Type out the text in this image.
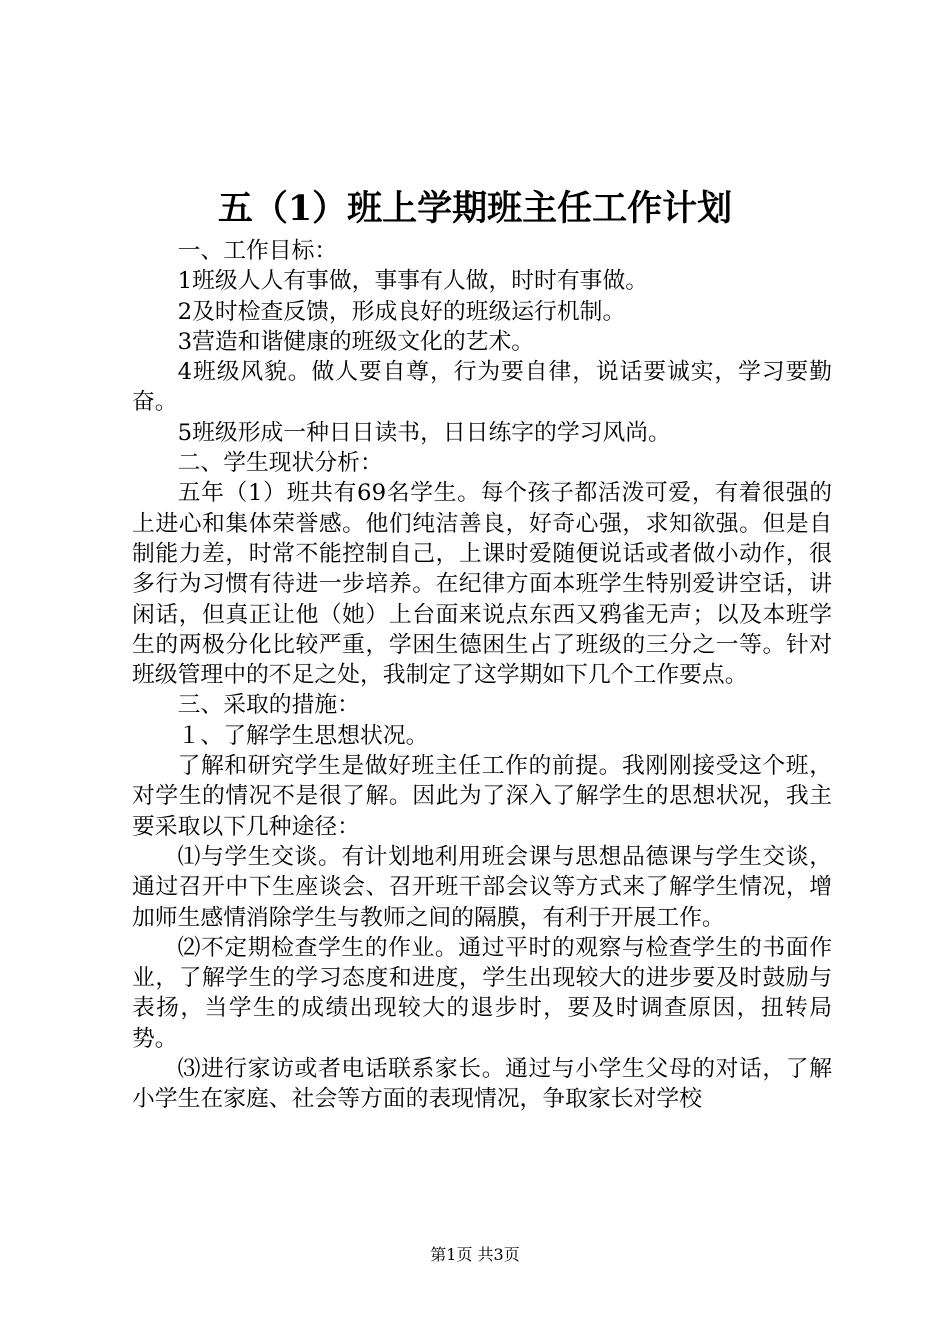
五（1）班上学期班主任工作计划

一、工作目标：

1班级人人有事做，事事有人做，时时有事做。

2及时检查反馈，形成良好的班级运行机制。

3营造和谐健康的班级文化的艺术。

4班级风貌。做人要自尊，行为要自律，说话要诚实，学习要勤奋。

5班级形成一种日日读书，日日练字的学习风尚。

二、学生现状分析：

五年（1）班共有69名学生。每个孩子都活泼可爱，有着很强的上进心和集体荣誉感。他们纯洁善良，好奇心强，求知欲强。但是自制能力差，时常不能控制自己，上课时爱随便说话或者做小动作，很多行为习惯有待进一步培养。在纪律方面本班学生特别爱讲空话，讲闲话，但真正让他（她）上台面来说点东西又鸦雀无声；以及本班学生的两极分化比较严重，学困生德困生占了班级的三分之一等。针对班级管理中的不足之处，我制定了这学期如下几个工作要点。

三、采取的措施：

１、了解学生思想状况。

了解和研究学生是做好班主任工作的前提。我刚刚接受这个班，对学生的情况不是很了解。因此为了深入了解学生的思想状况，我主要采取以下几种途径：

⑴与学生交谈。有计划地利用班会课与思想品德课与学生交谈，通过召开中下生座谈会、召开班干部会议等方式来了解学生情况，增加师生感情消除学生与教师之间的隔膜，有利于开展工作。

⑵不定期检查学生的作业。通过平时的观察与检查学生的书面作业，了解学生的学习态度和进度，学生出现较大的进步要及时鼓励与表扬，当学生的成绩出现较大的退步时，要及时调查原因，扭转局势。

⑶进行家访或者电话联系家长。通过与小学生父母的对话，了解小学生在家庭、社会等方面的表现情况，争取家长对学校

第1页 共3页
